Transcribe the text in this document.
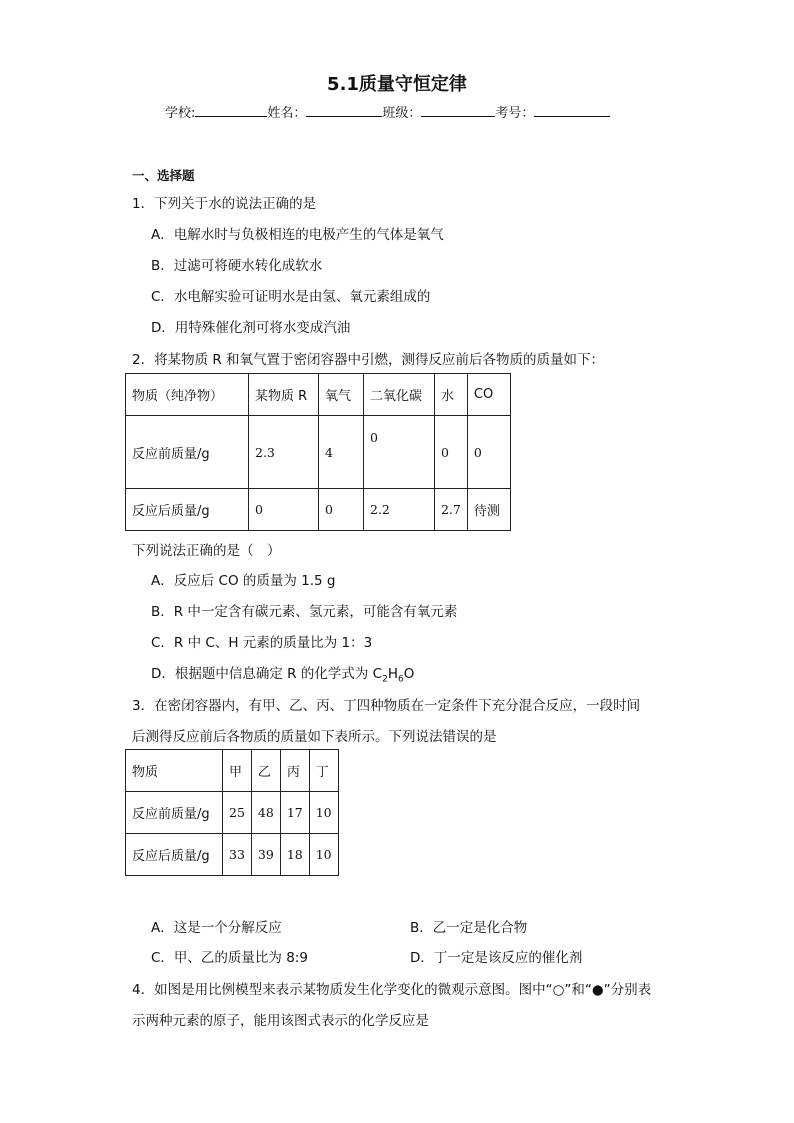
5.1质量守恒定律
学校:	姓名：	班级：	考号：
一、选择题
1．下列关于水的说法正确的是
A．电解水时与负极相连的电极产生的气体是氧气
B．过滤可将硬水转化成软水
C．水电解实验可证明水是由氢、氧元素组成的
D．用特殊催化剂可将水变成汽油
2．将某物质 R 和氧气置于密闭容器中引燃，测得反应前后各物质的质量如下：
物质（纯净物）	某物质 R	氧气	二氧化碳	水	CO
反应前质量/g	2.3	4	0	0	0
反应后质量/g	0	0	2.2	2.7	待测
下列说法正确的是（　）
A．反应后 CO 的质量为 1.5 g
B．R 中一定含有碳元素、氢元素，可能含有氧元素
C．R 中 C、H 元素的质量比为 1：3
D．根据题中信息确定 R 的化学式为 $C_2H_6O$
3．在密闭容器内，有甲、乙、丙、丁四种物质在一定条件下充分混合反应，一段时间
后测得反应前后各物质的质量如下表所示。下列说法错误的是
物质	甲	乙	丙	丁
反应前质量/g	25	48	17	10
反应后质量/g	33	39	18	10
A．这是一个分解反应	B．乙一定是化合物
C．甲、乙的质量比为 8:9	D．丁一定是该反应的催化剂
4．如图是用比例模型来表示某物质发生化学变化的微观示意图。图中“○”和“●”分别表
示两种元素的原子，能用该图式表示的化学反应是
